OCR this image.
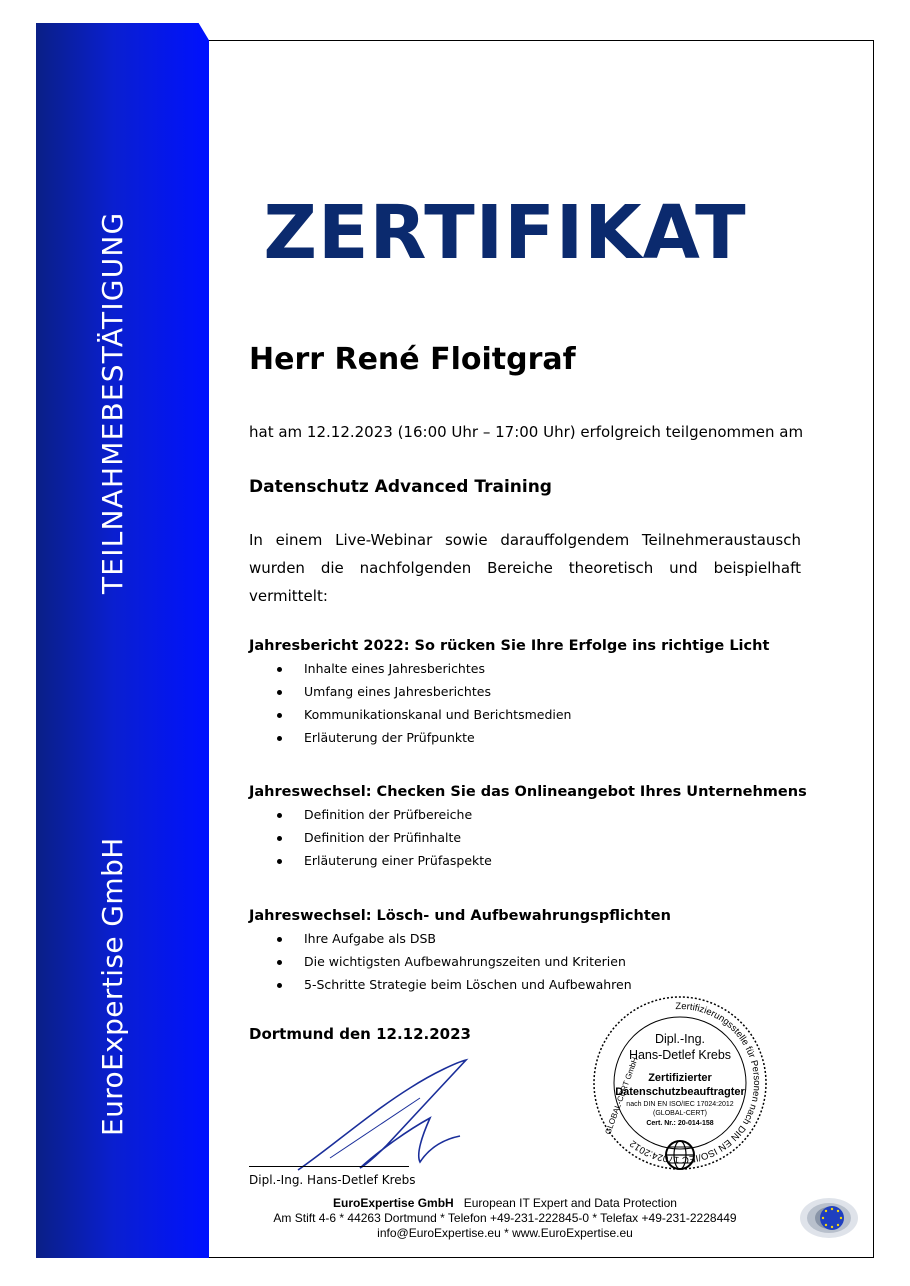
TEILNAHMEBESTÄTIGUNG
EuroExpertise GmbH
ZERTIFIKAT
Herr René Floitgraf
hat am 12.12.2023 (16:00 Uhr – 17:00 Uhr) erfolgreich teilgenommen am
Datenschutz Advanced Training
In einem Live-Webinar sowie darauffolgendem Teilnehmeraustausch wurden die nachfolgenden Bereiche theoretisch und beispielhaft vermittelt:
Jahresbericht 2022: So rücken Sie Ihre Erfolge ins richtige Licht
Inhalte eines Jahresberichtes
Umfang eines Jahresberichtes
Kommunikationskanal und Berichtsmedien
Erläuterung der Prüfpunkte
Jahreswechsel: Checken Sie das Onlineangebot Ihres Unternehmens
Definition der Prüfbereiche
Definition der Prüfinhalte
Erläuterung einer Prüfaspekte
Jahreswechsel: Lösch- und Aufbewahrungspflichten
Ihre Aufgabe als DSB
Die wichtigsten Aufbewahrungszeiten und Kriterien
5-Schritte Strategie beim Löschen und Aufbewahren
Dortmund den 12.12.2023
Dipl.-Ing. Hans-Detlef Krebs
Zertifizierungsstelle für Personen nach DIN EN ISO/IEC 17024:2012
GLOBAL-CERT GmbH
Dipl.-Ing.
Hans-Detlef Krebs
Zertifizierter
Datenschutzbeauftragter
nach DIN EN ISO/IEC 17024:2012
(GLOBAL-CERT)
Cert. Nr.: 20-014-158
EuroExpertise GmbH European IT Expert and Data Protection
Am Stift 4-6 * 44263 Dortmund * Telefon +49-231-222845-0 * Telefax +49-231-2228449
info@EuroExpertise.eu * www.EuroExpertise.eu
